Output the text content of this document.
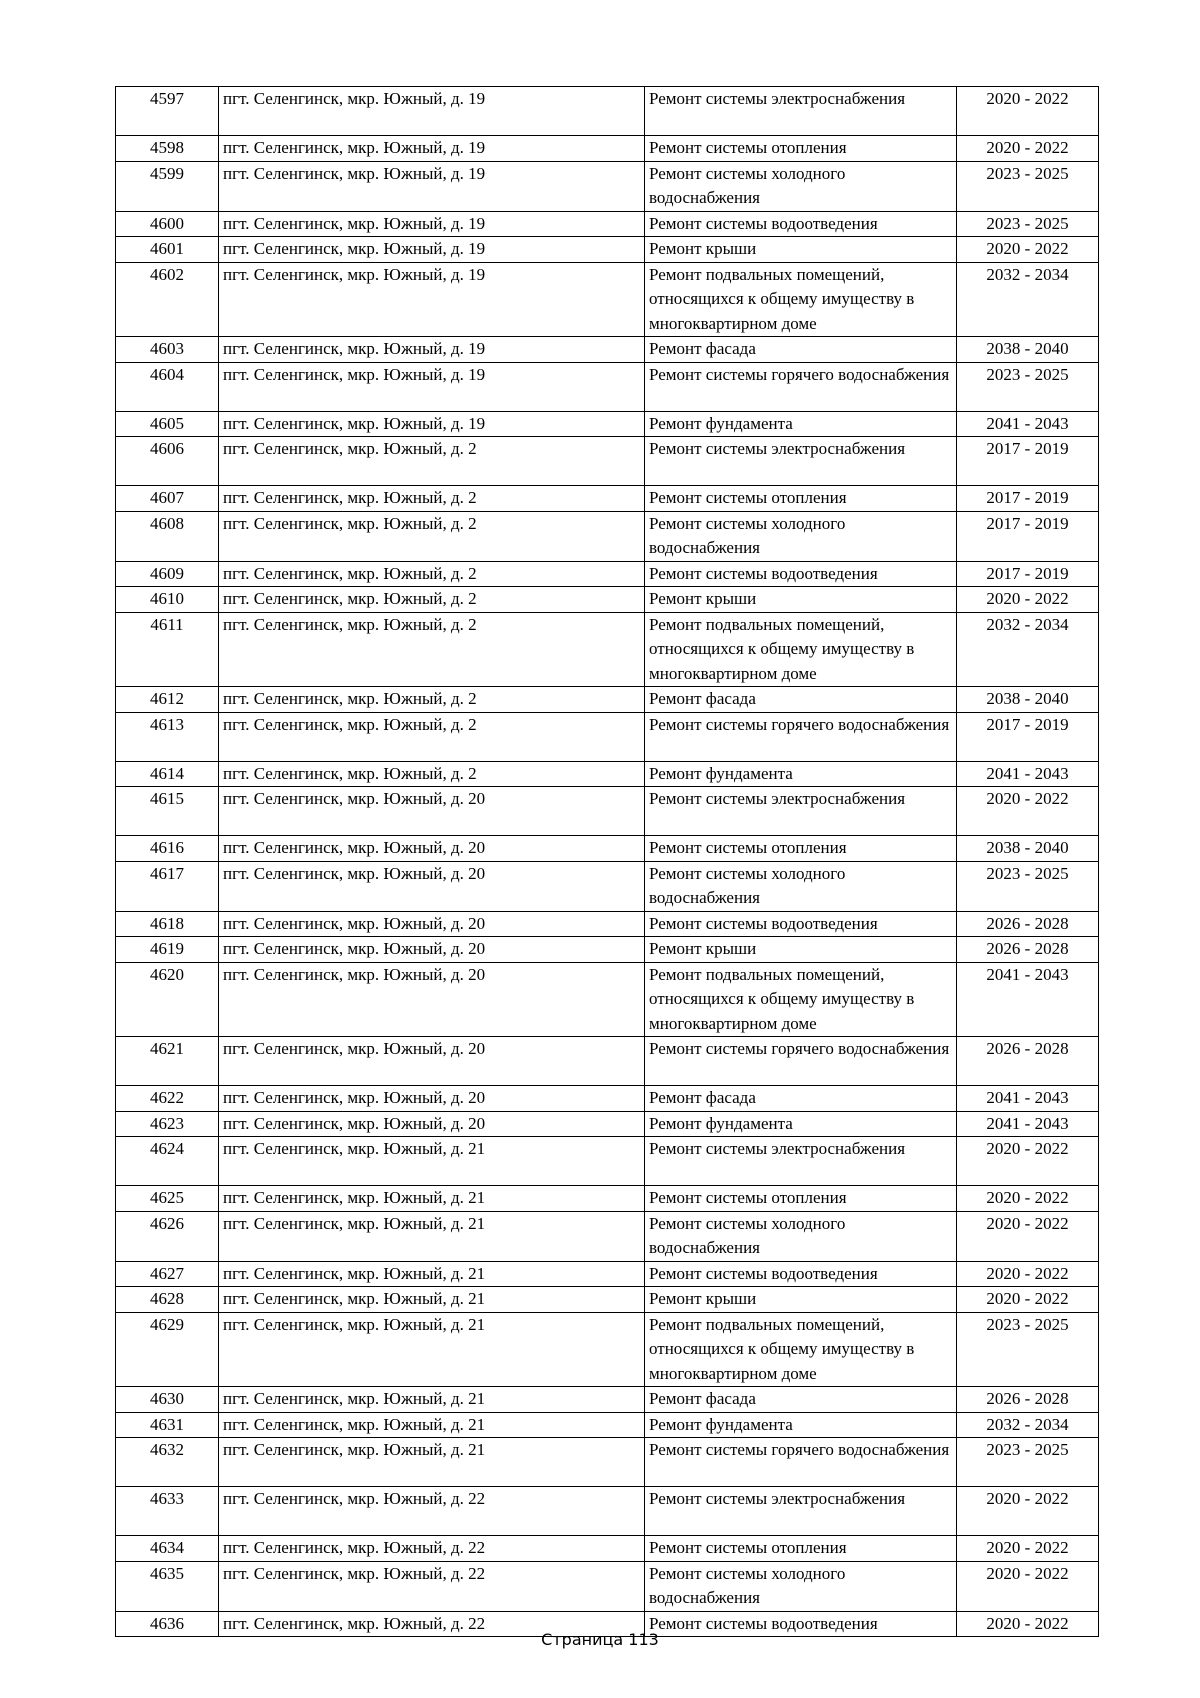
4597	пгт. Селенгинск, мкр. Южный, д. 19	Ремонт системы электроснабжения	2020 - 2022
4598	пгт. Селенгинск, мкр. Южный, д. 19	Ремонт системы отопления	2020 - 2022
4599	пгт. Селенгинск, мкр. Южный, д. 19	Ремонт системы холодного водоснабжения	2023 - 2025
4600	пгт. Селенгинск, мкр. Южный, д. 19	Ремонт системы водоотведения	2023 - 2025
4601	пгт. Селенгинск, мкр. Южный, д. 19	Ремонт крыши	2020 - 2022
4602	пгт. Селенгинск, мкр. Южный, д. 19	Ремонт подвальных помещений, относящихся к общему имуществу в многоквартирном доме	2032 - 2034
4603	пгт. Селенгинск, мкр. Южный, д. 19	Ремонт фасада	2038 - 2040
4604	пгт. Селенгинск, мкр. Южный, д. 19	Ремонт системы горячего водоснабжения	2023 - 2025
4605	пгт. Селенгинск, мкр. Южный, д. 19	Ремонт фундамента	2041 - 2043
4606	пгт. Селенгинск, мкр. Южный, д. 2	Ремонт системы электроснабжения	2017 - 2019
4607	пгт. Селенгинск, мкр. Южный, д. 2	Ремонт системы отопления	2017 - 2019
4608	пгт. Селенгинск, мкр. Южный, д. 2	Ремонт системы холодного водоснабжения	2017 - 2019
4609	пгт. Селенгинск, мкр. Южный, д. 2	Ремонт системы водоотведения	2017 - 2019
4610	пгт. Селенгинск, мкр. Южный, д. 2	Ремонт крыши	2020 - 2022
4611	пгт. Селенгинск, мкр. Южный, д. 2	Ремонт подвальных помещений, относящихся к общему имуществу в многоквартирном доме	2032 - 2034
4612	пгт. Селенгинск, мкр. Южный, д. 2	Ремонт фасада	2038 - 2040
4613	пгт. Селенгинск, мкр. Южный, д. 2	Ремонт системы горячего водоснабжения	2017 - 2019
4614	пгт. Селенгинск, мкр. Южный, д. 2	Ремонт фундамента	2041 - 2043
4615	пгт. Селенгинск, мкр. Южный, д. 20	Ремонт системы электроснабжения	2020 - 2022
4616	пгт. Селенгинск, мкр. Южный, д. 20	Ремонт системы отопления	2038 - 2040
4617	пгт. Селенгинск, мкр. Южный, д. 20	Ремонт системы холодного водоснабжения	2023 - 2025
4618	пгт. Селенгинск, мкр. Южный, д. 20	Ремонт системы водоотведения	2026 - 2028
4619	пгт. Селенгинск, мкр. Южный, д. 20	Ремонт крыши	2026 - 2028
4620	пгт. Селенгинск, мкр. Южный, д. 20	Ремонт подвальных помещений, относящихся к общему имуществу в многоквартирном доме	2041 - 2043
4621	пгт. Селенгинск, мкр. Южный, д. 20	Ремонт системы горячего водоснабжения	2026 - 2028
4622	пгт. Селенгинск, мкр. Южный, д. 20	Ремонт фасада	2041 - 2043
4623	пгт. Селенгинск, мкр. Южный, д. 20	Ремонт фундамента	2041 - 2043
4624	пгт. Селенгинск, мкр. Южный, д. 21	Ремонт системы электроснабжения	2020 - 2022
4625	пгт. Селенгинск, мкр. Южный, д. 21	Ремонт системы отопления	2020 - 2022
4626	пгт. Селенгинск, мкр. Южный, д. 21	Ремонт системы холодного водоснабжения	2020 - 2022
4627	пгт. Селенгинск, мкр. Южный, д. 21	Ремонт системы водоотведения	2020 - 2022
4628	пгт. Селенгинск, мкр. Южный, д. 21	Ремонт крыши	2020 - 2022
4629	пгт. Селенгинск, мкр. Южный, д. 21	Ремонт подвальных помещений, относящихся к общему имуществу в многоквартирном доме	2023 - 2025
4630	пгт. Селенгинск, мкр. Южный, д. 21	Ремонт фасада	2026 - 2028
4631	пгт. Селенгинск, мкр. Южный, д. 21	Ремонт фундамента	2032 - 2034
4632	пгт. Селенгинск, мкр. Южный, д. 21	Ремонт системы горячего водоснабжения	2023 - 2025
4633	пгт. Селенгинск, мкр. Южный, д. 22	Ремонт системы электроснабжения	2020 - 2022
4634	пгт. Селенгинск, мкр. Южный, д. 22	Ремонт системы отопления	2020 - 2022
4635	пгт. Селенгинск, мкр. Южный, д. 22	Ремонт системы холодного водоснабжения	2020 - 2022
4636	пгт. Селенгинск, мкр. Южный, д. 22	Ремонт системы водоотведения	2020 - 2022
Страница 113
